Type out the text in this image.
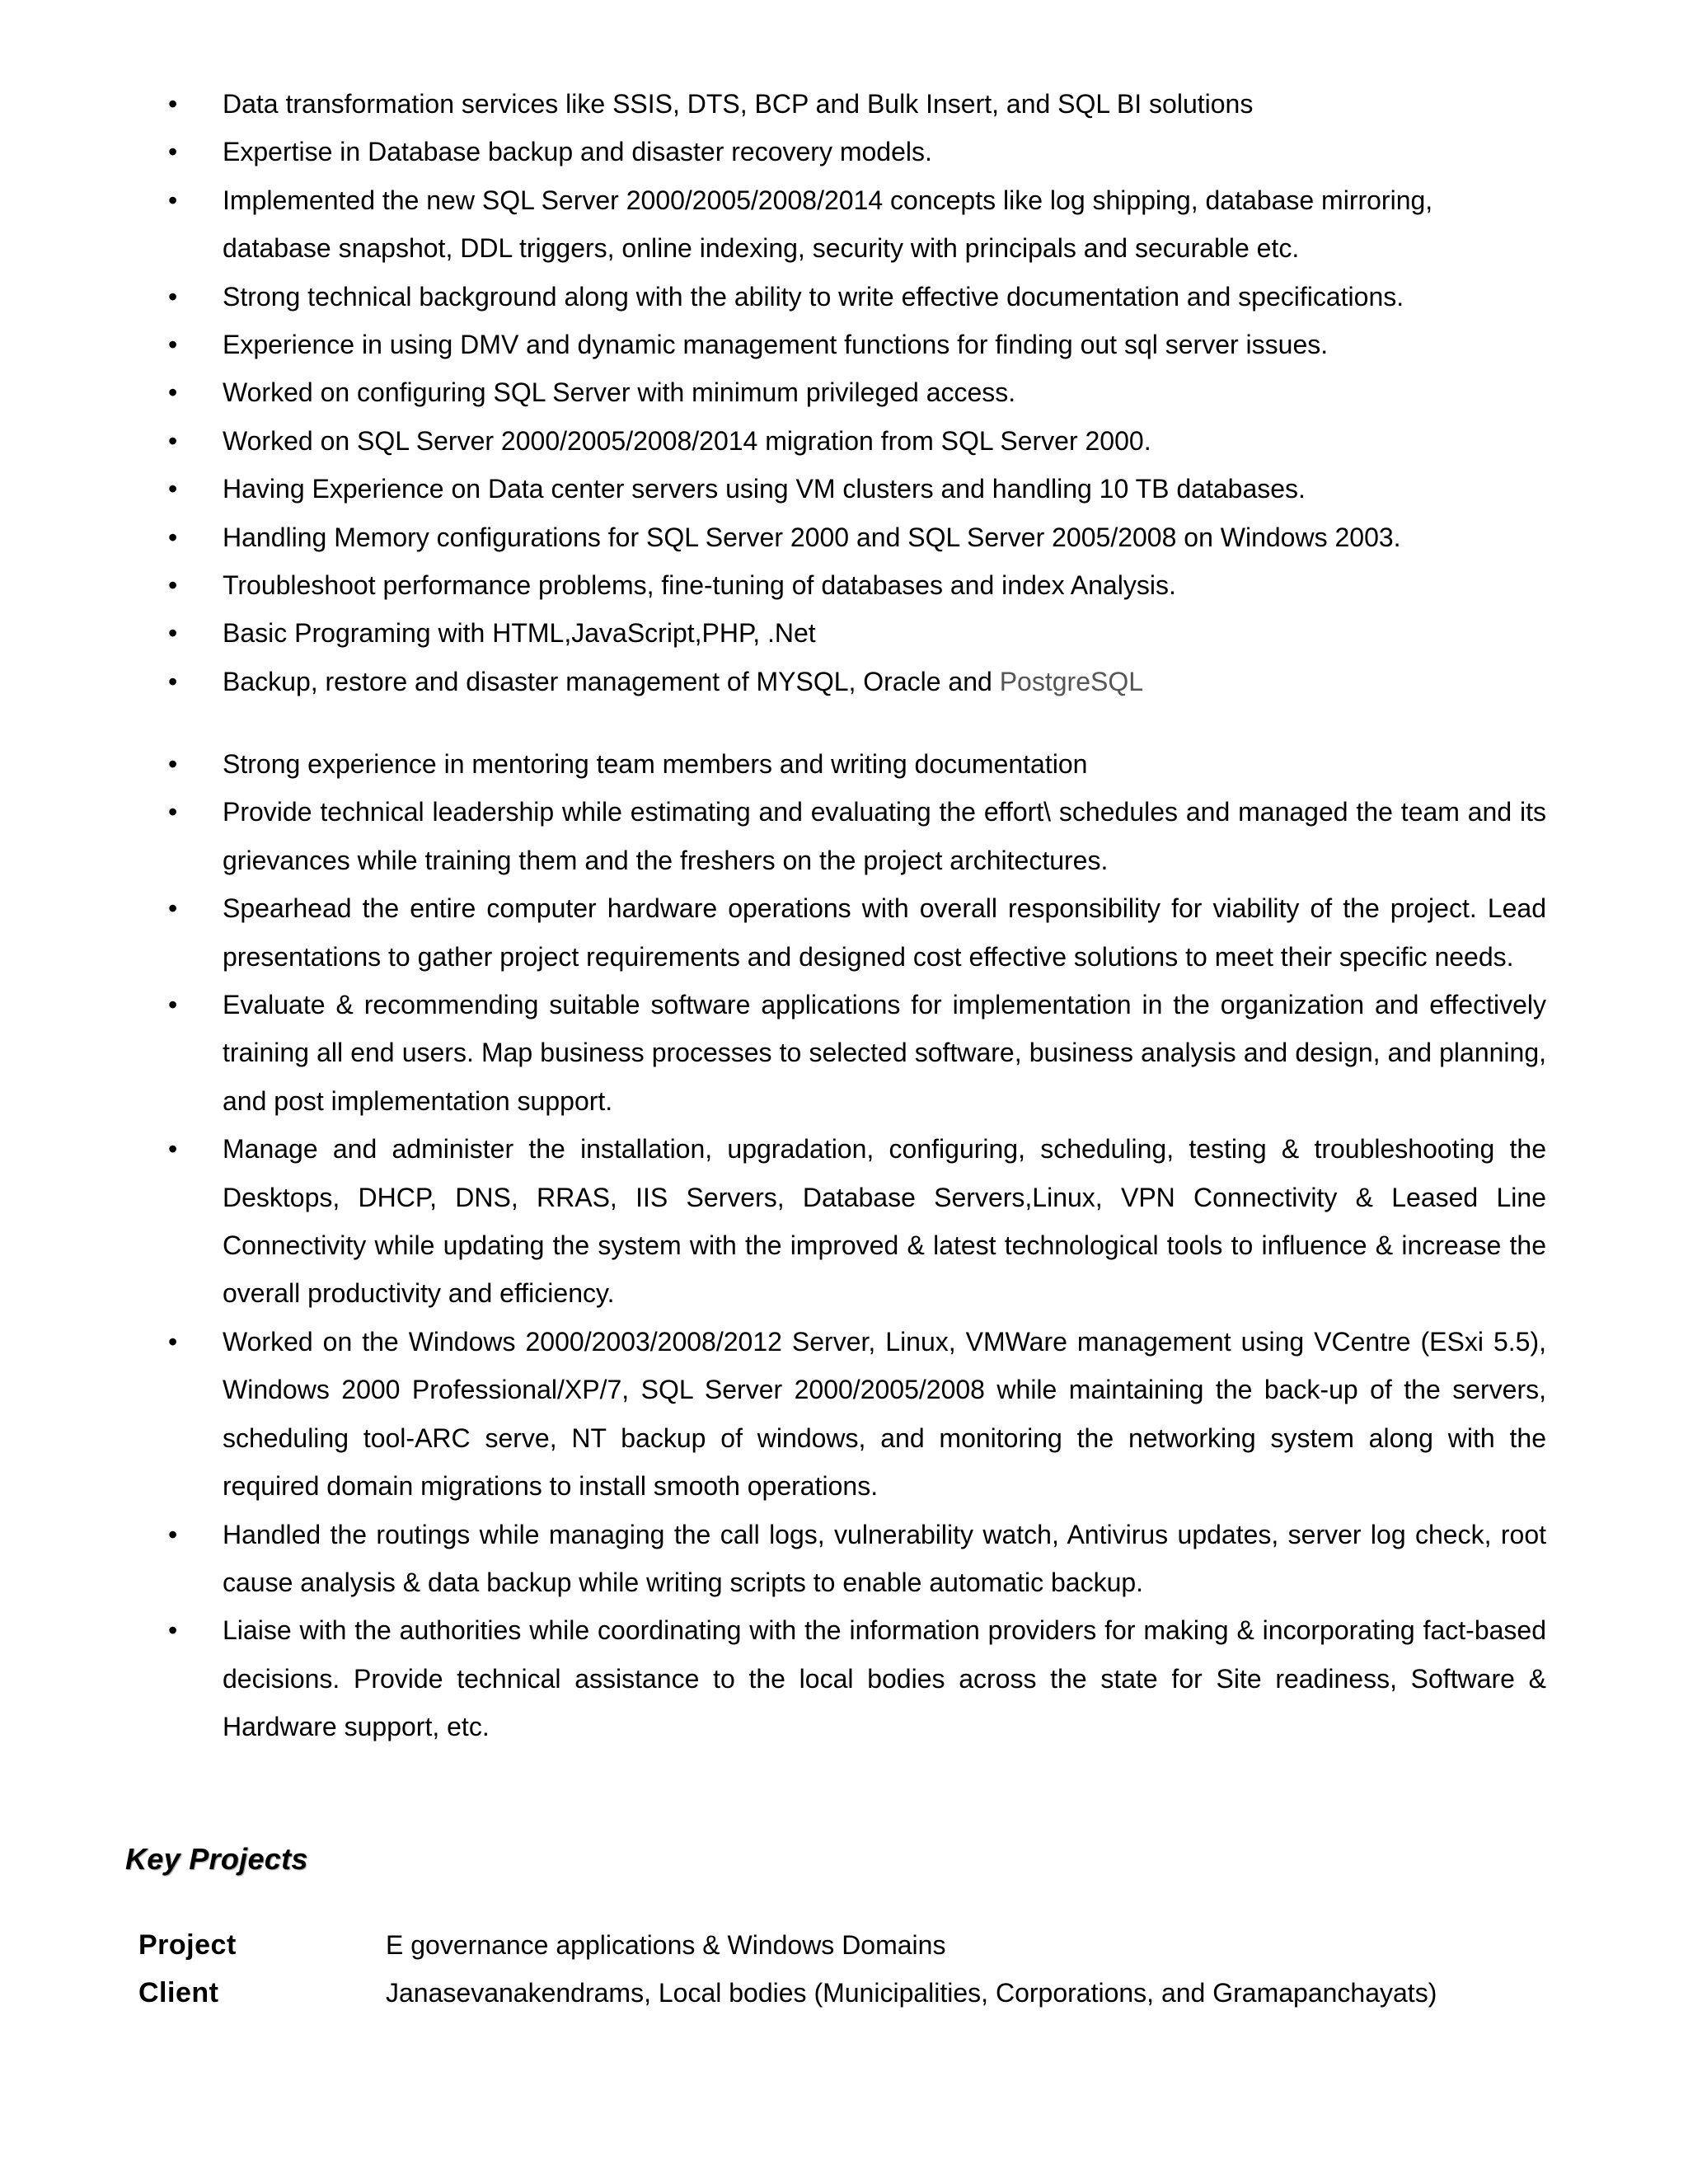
•	Data transformation services like SSIS, DTS, BCP and Bulk Insert, and SQL BI solutions
•	Expertise in Database backup and disaster recovery models.
•	Implemented the new SQL Server 2000/2005/2008/2014 concepts like log shipping, database mirroring, database snapshot, DDL triggers, online indexing, security with principals and securable etc.
•	Strong technical background along with the ability to write effective documentation and specifications.
•	Experience in using DMV and dynamic management functions for finding out sql server issues.
•	Worked on configuring SQL Server with minimum privileged access.
•	Worked on SQL Server 2000/2005/2008/2014 migration from SQL Server 2000.
•	Having Experience on Data center servers using VM clusters and handling 10 TB databases.
•	Handling Memory configurations for SQL Server 2000 and SQL Server 2005/2008 on Windows 2003.
•	Troubleshoot performance problems, fine-tuning of databases and index Analysis.
•	Basic Programing with HTML,JavaScript,PHP, .Net
•	Backup, restore and disaster management of MYSQL, Oracle and PostgreSQL
•	Strong experience in mentoring team members and writing documentation
•	Provide technical leadership while estimating and evaluating the effort\ schedules and managed the team and its grievances while training them and the freshers on the project architectures.
•	Spearhead the entire computer hardware operations with overall responsibility for viability of the project. Lead presentations to gather project requirements and designed cost effective solutions to meet their specific needs.
•	Evaluate & recommending suitable software applications for implementation in the organization and effectively training all end users. Map business processes to selected software, business analysis and design, and planning, and post implementation support.
•	Manage and administer the installation, upgradation, configuring, scheduling, testing & troubleshooting the Desktops, DHCP, DNS, RRAS, IIS Servers, Database Servers,Linux, VPN Connectivity & Leased Line Connectivity while updating the system with the improved & latest technological tools to influence & increase the overall productivity and efficiency.
•	Worked on the Windows 2000/2003/2008/2012 Server, Linux, VMWare management using VCentre (ESxi 5.5), Windows 2000 Professional/XP/7, SQL Server 2000/2005/2008 while maintaining the back-up of the servers, scheduling tool-ARC serve, NT backup of windows, and monitoring the networking system along with the required domain migrations to install smooth operations.
•	Handled the routings while managing the call logs, vulnerability watch, Antivirus updates, server log check, root cause analysis & data backup while writing scripts to enable automatic backup.
•	Liaise with the authorities while coordinating with the information providers for making & incorporating fact-based decisions. Provide technical assistance to the local bodies across the state for Site readiness, Software & Hardware support, etc.
Key Projects
Project	E governance applications & Windows Domains
Client	Janasevanakendrams, Local bodies (Municipalities, Corporations, and Gramapanchayats)
